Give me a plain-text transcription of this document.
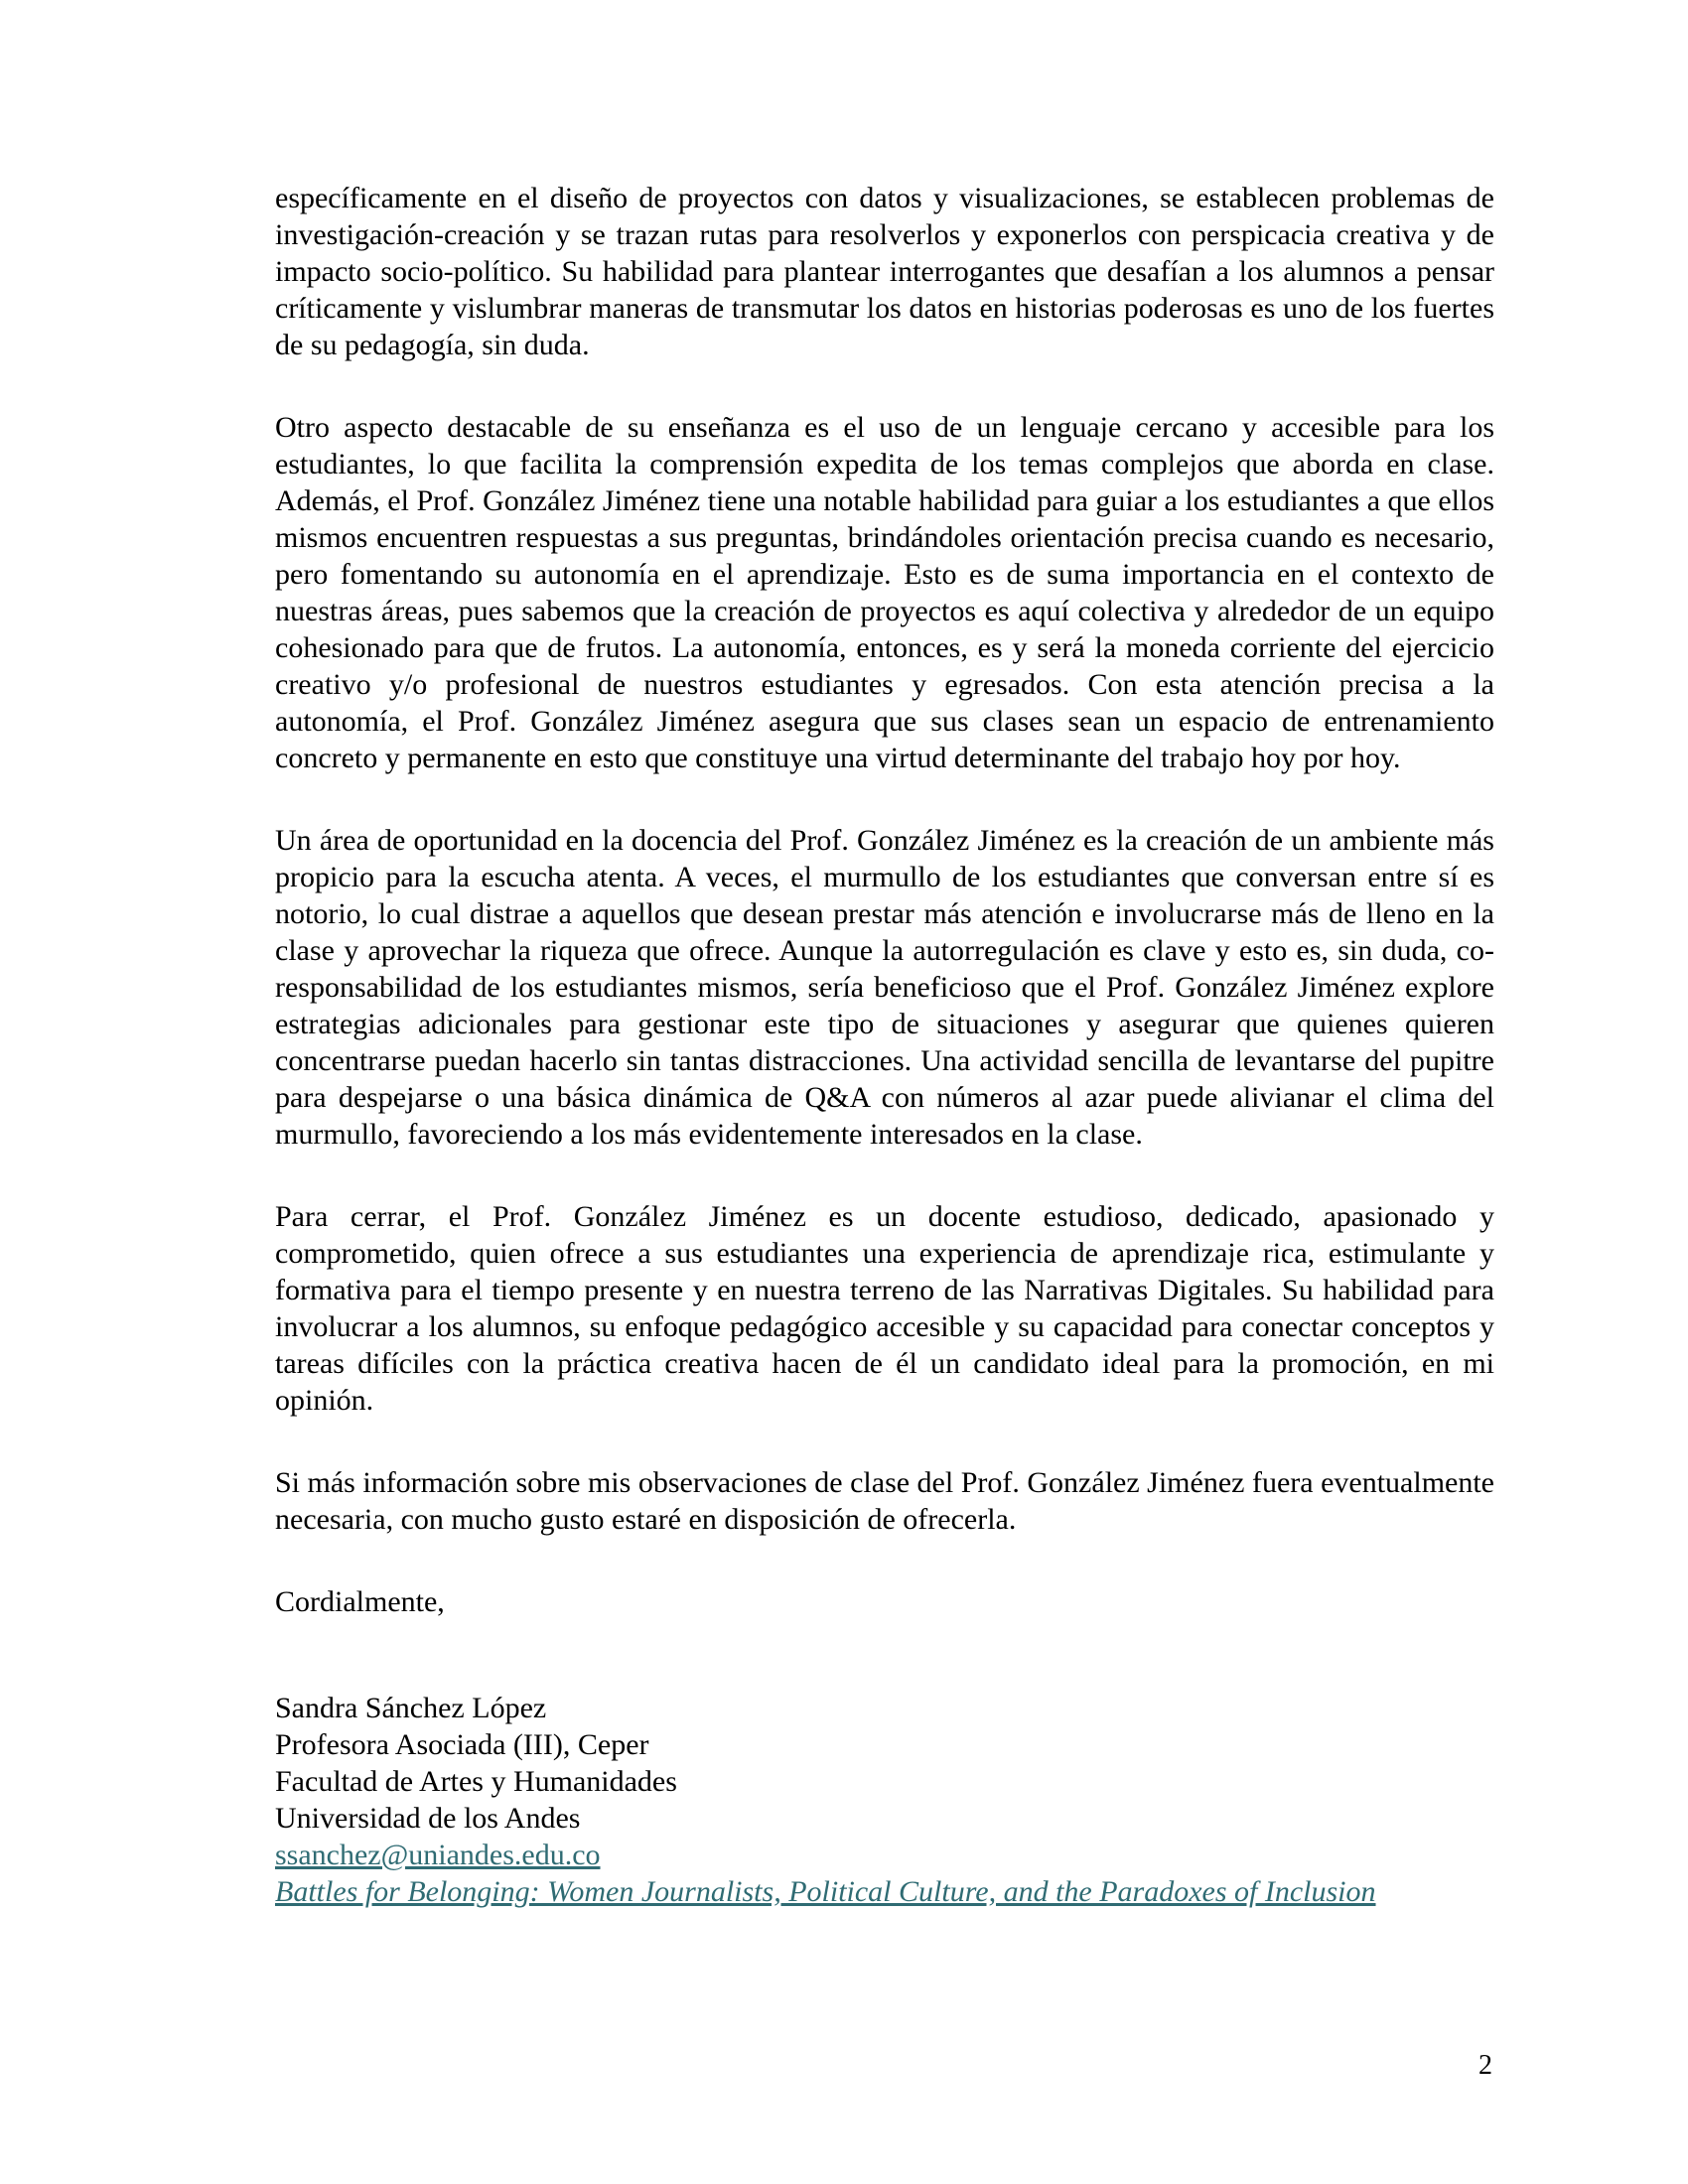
específicamente en el diseño de proyectos con datos y visualizaciones, se establecen problemas de investigación-creación y se trazan rutas para resolverlos y exponerlos con perspicacia creativa y de impacto socio-político. Su habilidad para plantear interrogantes que desafían a los alumnos a pensar críticamente y vislumbrar maneras de transmutar los datos en historias poderosas es uno de los fuertes de su pedagogía, sin duda.

Otro aspecto destacable de su enseñanza es el uso de un lenguaje cercano y accesible para los estudiantes, lo que facilita la comprensión expedita de los temas complejos que aborda en clase. Además, el Prof. González Jiménez tiene una notable habilidad para guiar a los estudiantes a que ellos mismos encuentren respuestas a sus preguntas, brindándoles orientación precisa cuando es necesario, pero fomentando su autonomía en el aprendizaje. Esto es de suma importancia en el contexto de nuestras áreas, pues sabemos que la creación de proyectos es aquí colectiva y alrededor de un equipo cohesionado para que de frutos. La autonomía, entonces, es y será la moneda corriente del ejercicio creativo y/o profesional de nuestros estudiantes y egresados. Con esta atención precisa a la autonomía, el Prof. González Jiménez asegura que sus clases sean un espacio de entrenamiento concreto y permanente en esto que constituye una virtud determinante del trabajo hoy por hoy.

Un área de oportunidad en la docencia del Prof. González Jiménez es la creación de un ambiente más propicio para la escucha atenta. A veces, el murmullo de los estudiantes que conversan entre sí es notorio, lo cual distrae a aquellos que desean prestar más atención e involucrarse más de lleno en la clase y aprovechar la riqueza que ofrece. Aunque la autorregulación es clave y esto es, sin duda, co-responsabilidad de los estudiantes mismos, sería beneficioso que el Prof. González Jiménez explore estrategias adicionales para gestionar este tipo de situaciones y asegurar que quienes quieren concentrarse puedan hacerlo sin tantas distracciones. Una actividad sencilla de levantarse del pupitre para despejarse o una básica dinámica de Q&A con números al azar puede alivianar el clima del murmullo, favoreciendo a los más evidentemente interesados en la clase.

Para cerrar, el Prof. González Jiménez es un docente estudioso, dedicado, apasionado y comprometido, quien ofrece a sus estudiantes una experiencia de aprendizaje rica, estimulante y formativa para el tiempo presente y en nuestra terreno de las Narrativas Digitales. Su habilidad para involucrar a los alumnos, su enfoque pedagógico accesible y su capacidad para conectar conceptos y tareas difíciles con la práctica creativa hacen de él un candidato ideal para la promoción, en mi opinión.

Si más información sobre mis observaciones de clase del Prof. González Jiménez fuera eventualmente necesaria, con mucho gusto estaré en disposición de ofrecerla.

Cordialmente,

Sandra Sánchez López

Profesora Asociada (III), Ceper

Facultad de Artes y Humanidades

Universidad de los Andes

ssanchez@uniandes.edu.co

Battles for Belonging: Women Journalists, Political Culture, and the Paradoxes of Inclusion

2
